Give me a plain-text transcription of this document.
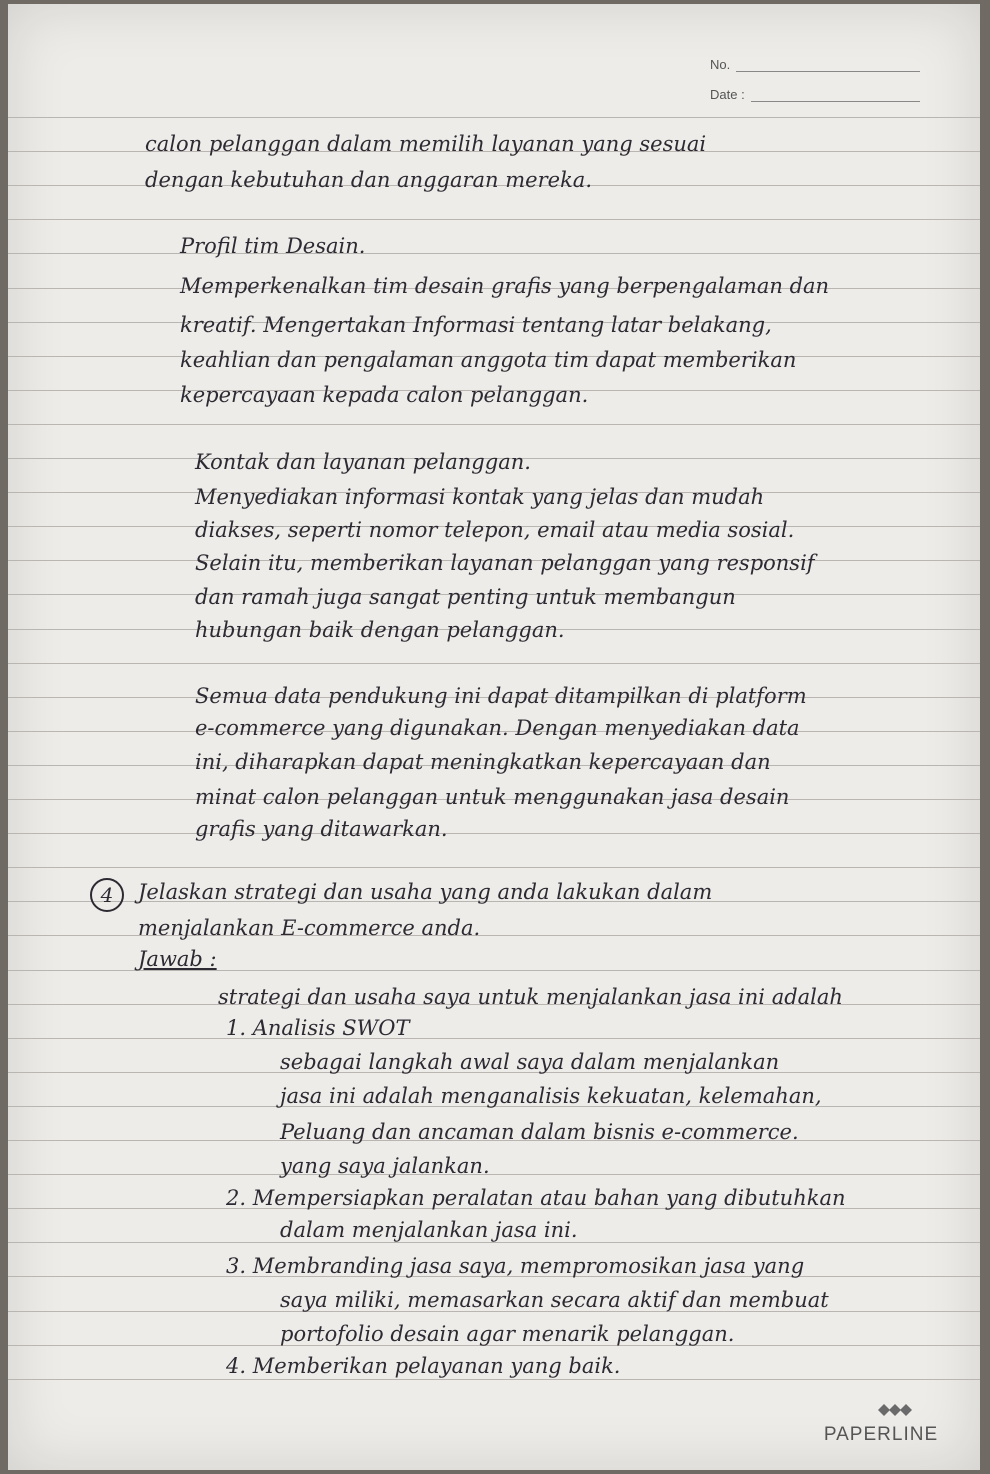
No.
Date :
calon pelanggan dalam memilih layanan yang sesuai
dengan kebutuhan dan anggaran mereka.
Profil tim Desain.
Memperkenalkan tim desain grafis yang berpengalaman dan
kreatif. Mengertakan Informasi tentang latar belakang,
keahlian dan pengalaman anggota tim dapat memberikan
kepercayaan kepada calon pelanggan.
Kontak dan layanan pelanggan.
Menyediakan informasi kontak yang jelas dan mudah
diakses, seperti nomor telepon, email atau media sosial.
Selain itu, memberikan layanan pelanggan yang responsif
dan ramah juga sangat penting untuk membangun
hubungan baik dengan pelanggan.
Semua data pendukung ini dapat ditampilkan di platform
e-commerce yang digunakan. Dengan menyediakan data
ini, diharapkan dapat meningkatkan kepercayaan dan
minat calon pelanggan untuk menggunakan jasa desain
grafis yang ditawarkan.
Jelaskan strategi dan usaha yang anda lakukan dalam
menjalankan E-commerce anda.
Jawab :
strategi dan usaha saya untuk menjalankan jasa ini adalah
1. Analisis SWOT
sebagai langkah awal saya dalam menjalankan
jasa ini adalah menganalisis kekuatan, kelemahan,
Peluang dan ancaman dalam bisnis e-commerce.
yang saya jalankan.
2. Mempersiapkan peralatan atau bahan yang dibutuhkan
dalam menjalankan jasa ini.
3. Membranding jasa saya, mempromosikan jasa yang
saya miliki, memasarkan secara aktif dan membuat
portofolio desain agar menarik pelanggan.
4. Memberikan pelayanan yang baik.
4
PAPERLINE
